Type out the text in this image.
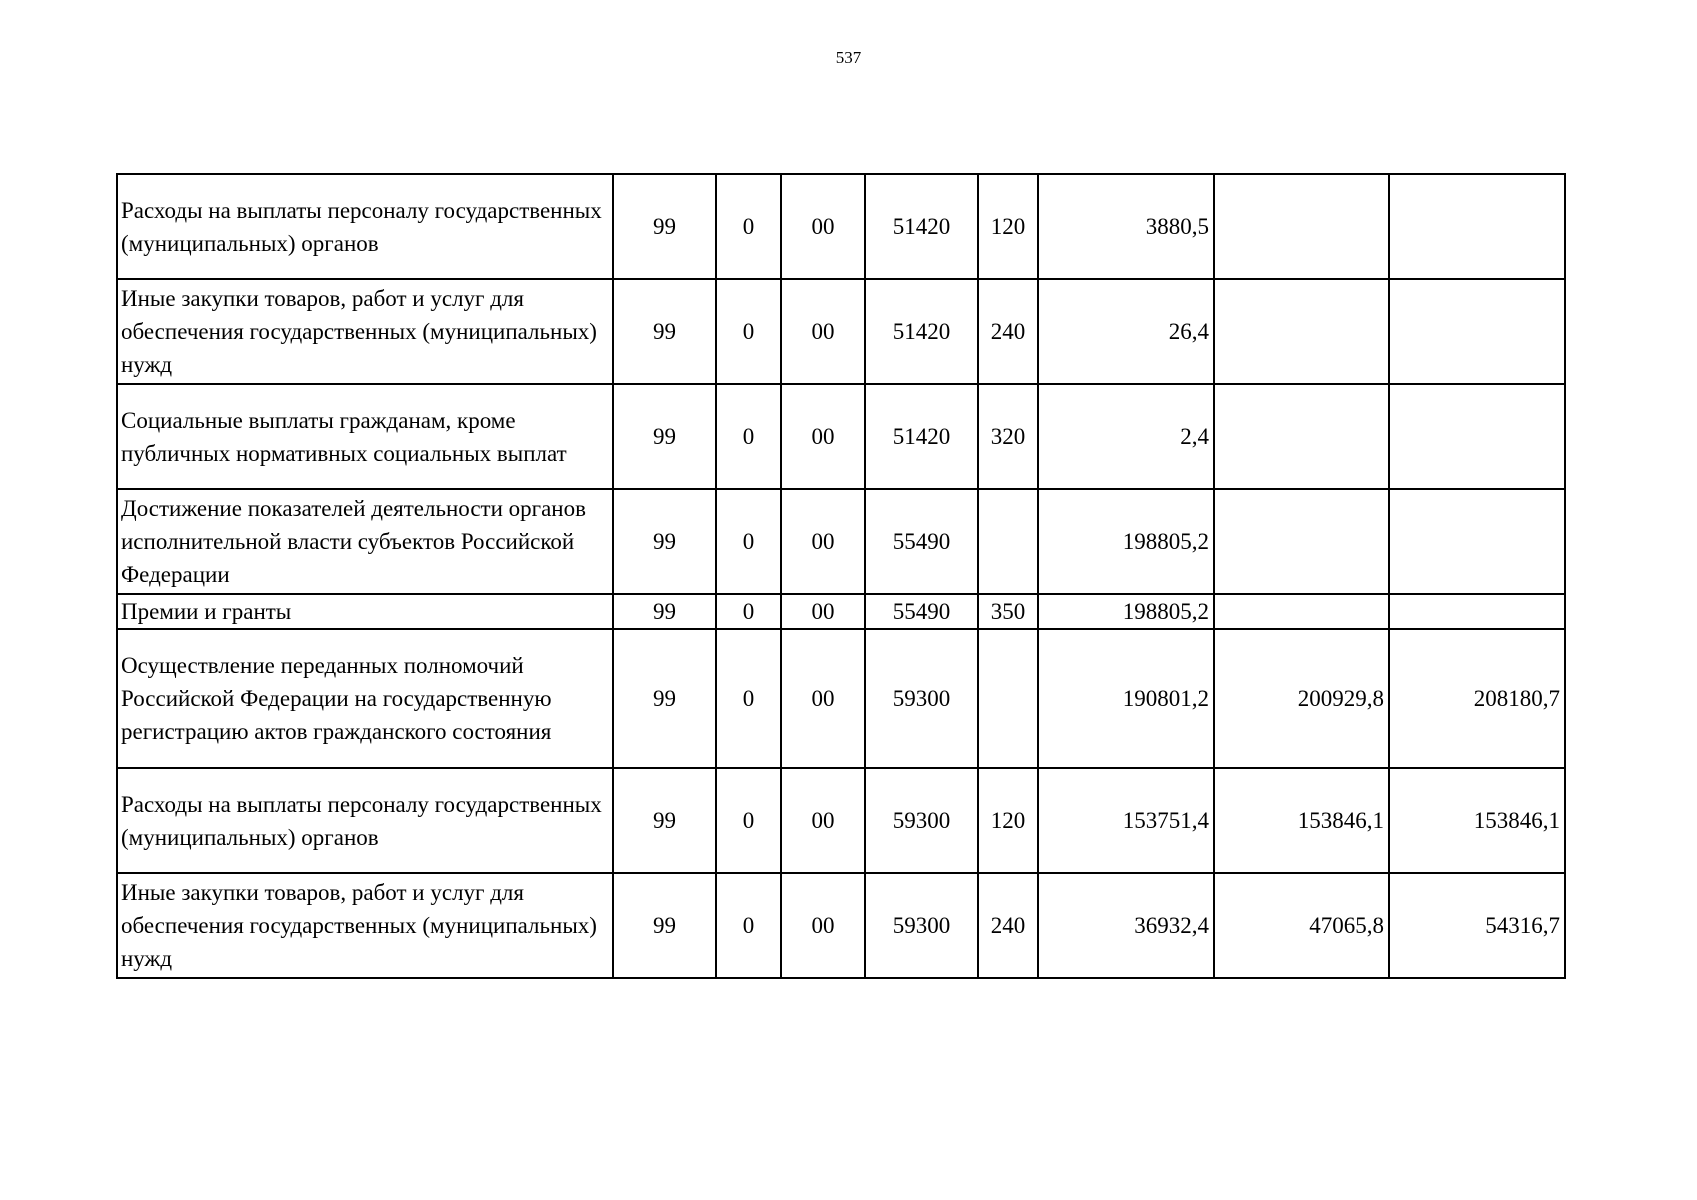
537
Расходы на выплаты персоналу государственных (муниципальных) органов	99	0	00	51420	120	3880,5		
Иные закупки товаров, работ и услуг для обеспечения государственных (муниципальных) нужд	99	0	00	51420	240	26,4		
Социальные выплаты гражданам, кроме публичных нормативных социальных выплат	99	0	00	51420	320	2,4		
Достижение показателей деятельности органов исполнительной власти субъектов Российской Федерации	99	0	00	55490		198805,2		
Премии и гранты	99	0	00	55490	350	198805,2		
Осуществление переданных полномочий Российской Федерации на государственную регистрацию актов гражданского состояния	99	0	00	59300		190801,2	200929,8	208180,7
Расходы на выплаты персоналу государственных (муниципальных) органов	99	0	00	59300	120	153751,4	153846,1	153846,1
Иные закупки товаров, работ и услуг для обеспечения государственных (муниципальных) нужд	99	0	00	59300	240	36932,4	47065,8	54316,7
